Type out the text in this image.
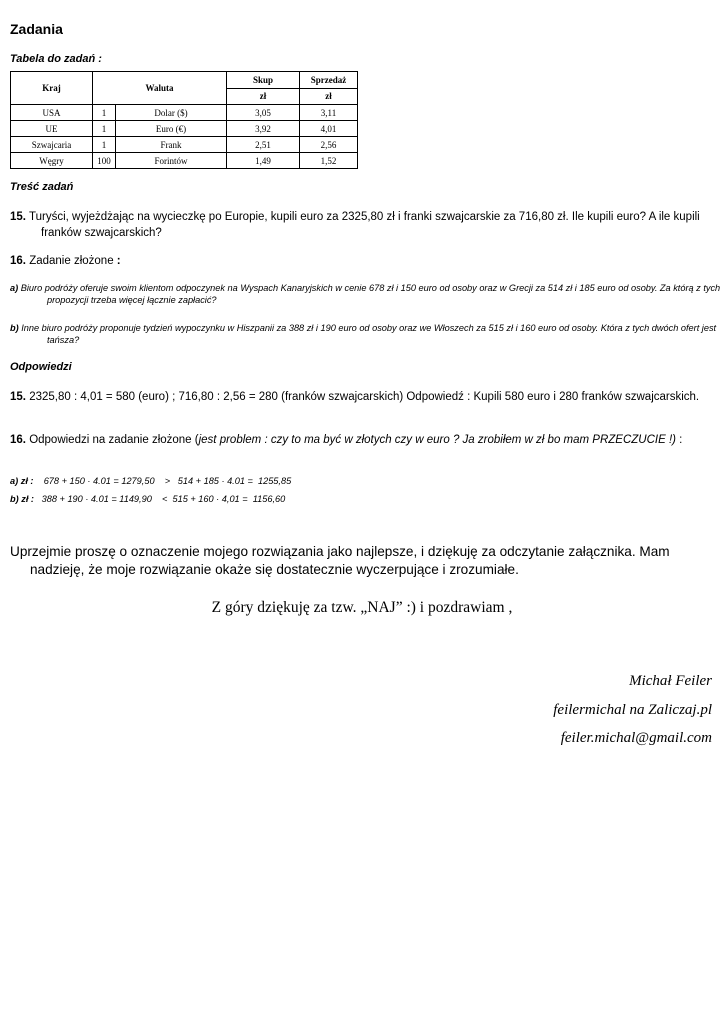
Zadania
Tabela do zadań :
Kraj	Waluta		Skup	Sprzedaż
			zł	zł
USA	1	Dolar ($)	3,05	3,11
UE	1	Euro (€)	3,92	4,01
Szwajcaria	1	Frank	2,51	2,56
Węgry	100	Forintów	1,49	1,52
Treść zadań
15. Turyści, wyjeżdżając na wycieczkę po Europie, kupili euro za 2325,80 zł i franki szwajcarskie za 716,80 zł. Ile kupili euro? A ile kupili franków szwajcarskich?
16. Zadanie złożone :
a) Biuro podróży oferuje swoim klientom odpoczynek na Wyspach Kanaryjskich w cenie 678 zł i 150 euro od osoby oraz w Grecji za 514 zł i 185 euro od osoby. Za którą z tych propozycji trzeba więcej łącznie zapłacić?
b) Inne biuro podróży proponuje tydzień wypoczynku w Hiszpanii za 388 zł i 190 euro od osoby oraz we Włoszech za 515 zł i 160 euro od osoby. Która z tych dwóch ofert jest tańsza?
Odpowiedzi
15. 2325,80 : 4,01 = 580 (euro) ; 716,80 : 2,56 = 280 (franków szwajcarskich) Odpowiedź : Kupili 580 euro i 280 franków szwajcarskich.
16. Odpowiedzi na zadanie złożone (jest problem : czy to ma być w złotych czy w euro ? Ja zrobiłem w zł bo mam PRZECZUCIE !) :
a) zł :    678 + 150 · 4.01 = 1279,50    >   514 + 185 · 4.01 =  1255,85
b) zł :   388 + 190 · 4.01 = 1149,90    <  515 + 160 · 4,01 =  1156,60
Uprzejmie proszę o oznaczenie mojego rozwiązania jako najlepsze, i dziękuję za odczytanie załącznika. Mam nadzieję, że moje rozwiązanie okaże się dostatecznie wyczerpujące i zrozumiałe.
Z góry dziękuję za tzw. „NAJ” :) i pozdrawiam ,
Michał Feiler
feilermichal na Zaliczaj.pl
feiler.michal@gmail.com
